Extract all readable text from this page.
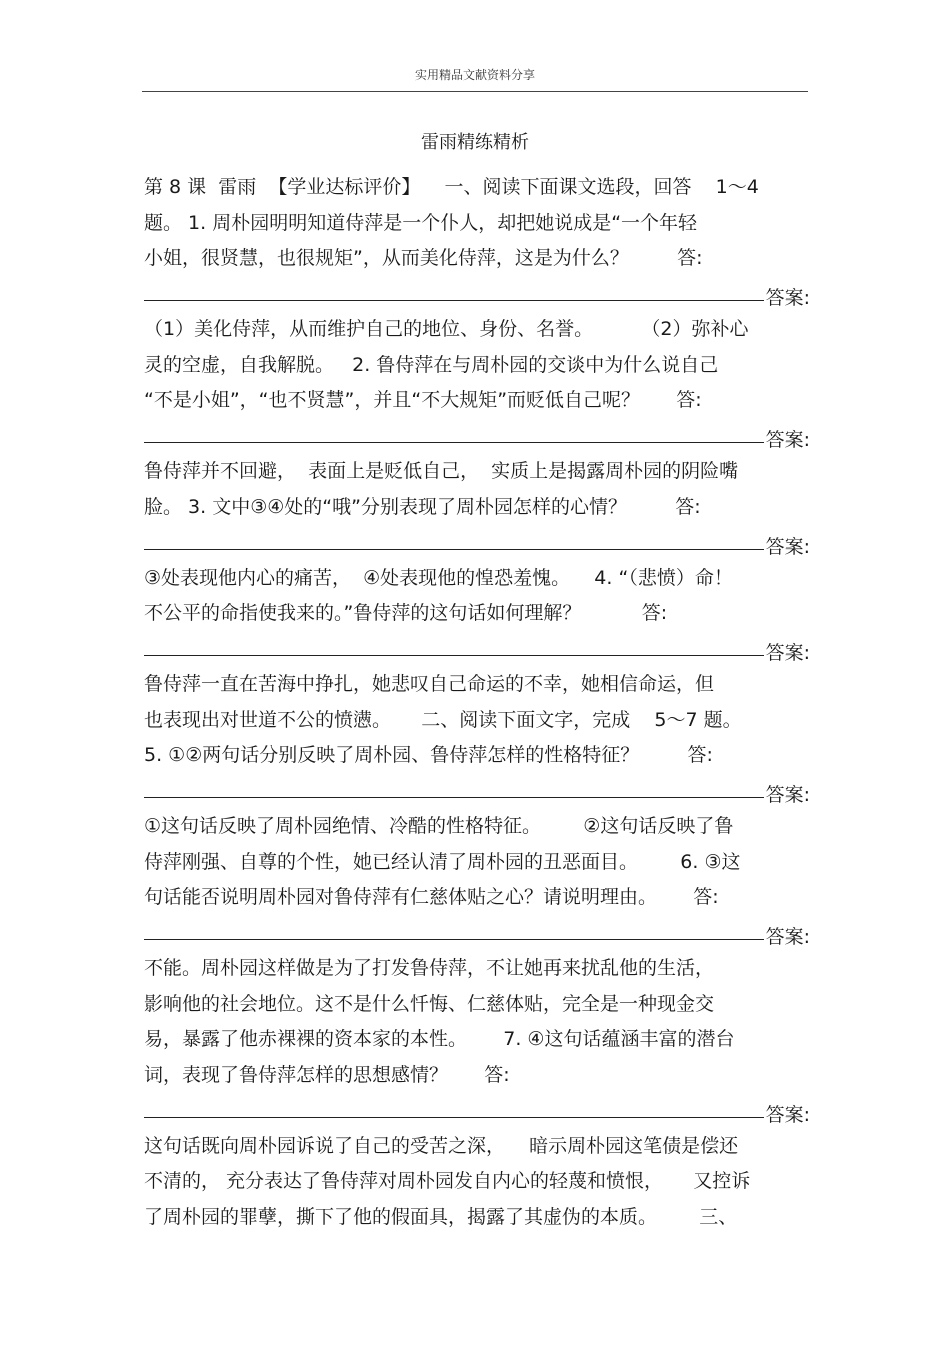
实用精品文献资料分享
雷雨精练精析
第 8 课  雷雨  【学业达标评价】    一、阅读下面课文选段，回答    1～4
题。 1. 周朴园明明知道侍萍是一个仆人，却把她说成是“一个年轻
小姐，很贤慧，也很规矩”，从而美化侍萍，这是为什么？        答:
答案:
（1）美化侍萍，从而维护自己的地位、身份、名誉。        （2）弥补心
灵的空虚，自我解脱。   2. 鲁侍萍在与周朴园的交谈中为什么说自己
“不是小姐”，“也不贤慧”，并且“不大规矩”而贬低自己呢？      答:
答案:
鲁侍萍并不回避，  表面上是贬低自己，  实质上是揭露周朴园的阴险嘴
脸。 3. 文中③④处的“哦”分别表现了周朴园怎样的心情？        答:
答案:
③处表现他内心的痛苦，  ④处表现他的惶恐羞愧。    4. “（悲愤）命！
不公平的命指使我来的。”鲁侍萍的这句话如何理解？          答:
答案:
鲁侍萍一直在苦海中挣扎，她悲叹自己命运的不幸，她相信命运，但
也表现出对世道不公的愤懑。     二、阅读下面文字，完成    5～7 题。
5. ①②两句话分别反映了周朴园、鲁侍萍怎样的性格特征？        答:
答案:
①这句话反映了周朴园绝情、冷酷的性格特征。       ②这句话反映了鲁
侍萍刚强、自尊的个性，她已经认清了周朴园的丑恶面目。       6. ③这
句话能否说明周朴园对鲁侍萍有仁慈体贴之心？请说明理由。      答:
答案:
不能。周朴园这样做是为了打发鲁侍萍，不让她再来扰乱他的生活，
影响他的社会地位。这不是什么忏悔、仁慈体贴，完全是一种现金交
易，暴露了他赤裸裸的资本家的本性。      7. ④这句话蕴涵丰富的潜台
词，表现了鲁侍萍怎样的思想感情？      答:
答案:
这句话既向周朴园诉说了自己的受苦之深，    暗示周朴园这笔债是偿还
不清的， 充分表达了鲁侍萍对周朴园发自内心的轻蔑和愤恨，     又控诉
了周朴园的罪孽，撕下了他的假面具，揭露了其虚伪的本质。       三、
